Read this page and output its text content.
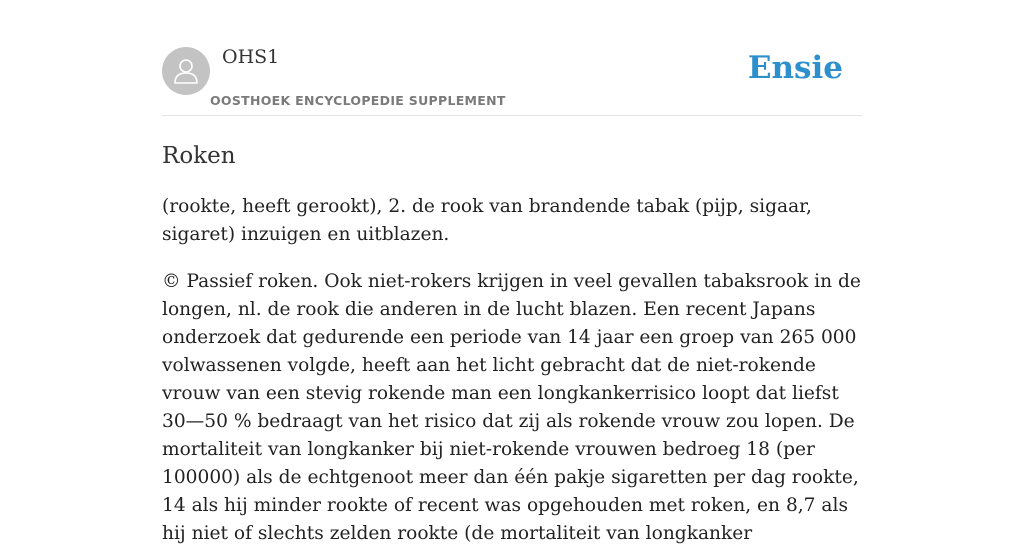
OHS1
OOSTHOEK ENCYCLOPEDIE SUPPLEMENT
Ensie
Roken

(rookte, heeft gerookt), 2. de rook van brandende tabak (pijp, sigaar, sigaret) inzuigen en uitblazen.

© Passief roken. Ook niet-rokers krijgen in veel gevallen tabaksrook in de longen, nl. de rook die anderen in de lucht blazen. Een recent Japans onderzoek dat gedurende een periode van 14 jaar een groep van 265 000 volwassenen volgde, heeft aan het licht gebracht dat de niet-rokende vrouw van een stevig rokende man een longkankerrisico loopt dat liefst 30—50 % bedraagt van het risico dat zij als rokende vrouw zou lopen. De mortaliteit van longkanker bij niet-rokende vrouwen bedroeg 18 (per 100000) als de echtgenoot meer dan één pakje sigaretten per dag rookte, 14 als hij minder rookte of recent was opgehouden met roken, en 8,7 als hij niet of slechts zelden rookte (de mortaliteit van longkanker
